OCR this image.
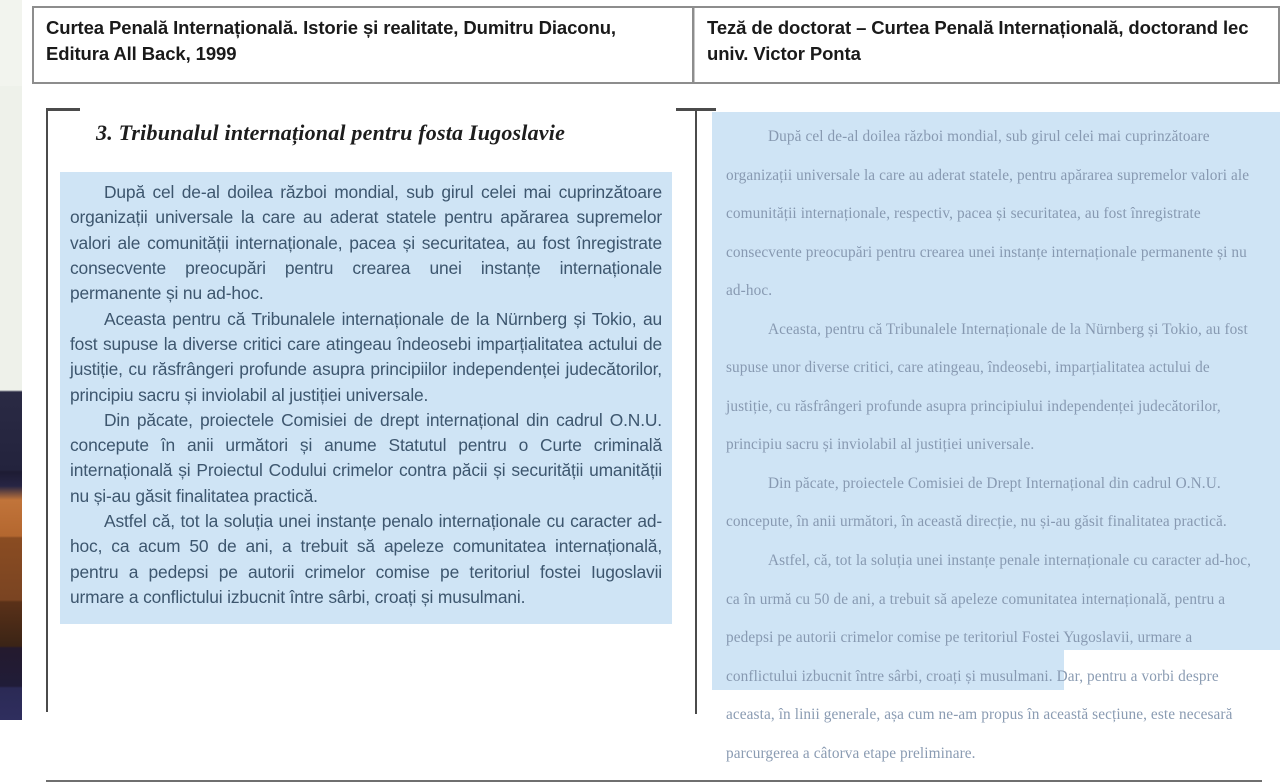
Curtea Penală Internațională. Istorie și realitate, Dumitru Diaconu,
Editura All Back, 1999
Teză de doctorat – Curtea Penală Internațională, doctorand lec
univ. Victor Ponta
3. Tribunalul internațional pentru fosta Iugoslavie

După cel de-al doilea război mondial, sub girul celei mai cuprinzătoare organizații universale la care au aderat statele pentru apărarea supremelor valori ale comunității internaționale, pacea și securitatea, au fost înregistrate consecvente preocupări pentru crearea unei instanțe internaționale permanente și nu ad-hoc.

Aceasta pentru că Tribunalele internaționale de la Nürnberg și Tokio, au fost supuse la diverse critici care atingeau îndeosebi imparțialitatea actului de justiție, cu răsfrângeri profunde asupra principiilor independenței judecătorilor, principiu sacru și inviolabil al justiției universale.

Din păcate, proiectele Comisiei de drept internațional din cadrul O.N.U. concepute în anii următori și anume Statutul pentru o Curte criminală internațională și Proiectul Codului crimelor contra păcii și securității umanității nu și-au găsit finalitatea practică.

Astfel că, tot la soluția unei instanțe penalo internaționale cu caracter ad-hoc, ca acum 50 de ani, a trebuit să apeleze comunitatea internațională, pentru a pedepsi pe autorii crimelor comise pe teritoriul fostei Iugoslavii urmare a conflictului izbucnit între sârbi, croați și musulmani.

După cel de-al doilea război mondial, sub girul celei mai cuprinzătoare

organizații universale la care au aderat statele, pentru apărarea supremelor valori ale

comunității internaționale, respectiv, pacea și securitatea, au fost înregistrate

consecvente preocupări pentru crearea unei instanțe internaționale permanente și nu

ad-hoc.

Aceasta, pentru că Tribunalele Internaționale de la Nürnberg și Tokio, au fost

supuse unor diverse critici, care atingeau, îndeosebi, imparțialitatea actului de

justiție, cu răsfrângeri profunde asupra principiului independenței judecătorilor,

principiu sacru și inviolabil al justiției universale.

Din păcate, proiectele Comisiei de Drept Internațional din cadrul O.N.U.

concepute, în anii următori, în această direcție, nu și-au găsit finalitatea practică.

Astfel, că, tot la soluția unei instanțe penale internaționale cu caracter ad-hoc,

ca în urmă cu 50 de ani, a trebuit să apeleze comunitatea internațională, pentru a

pedepsi pe autorii crimelor comise pe teritoriul Fostei Yugoslavii, urmare a

conflictului izbucnit între sârbi, croați și musulmani. Dar, pentru a vorbi despre

aceasta, în linii generale, așa cum ne-am propus în această secțiune, este necesară

parcurgerea a câtorva etape preliminare.
